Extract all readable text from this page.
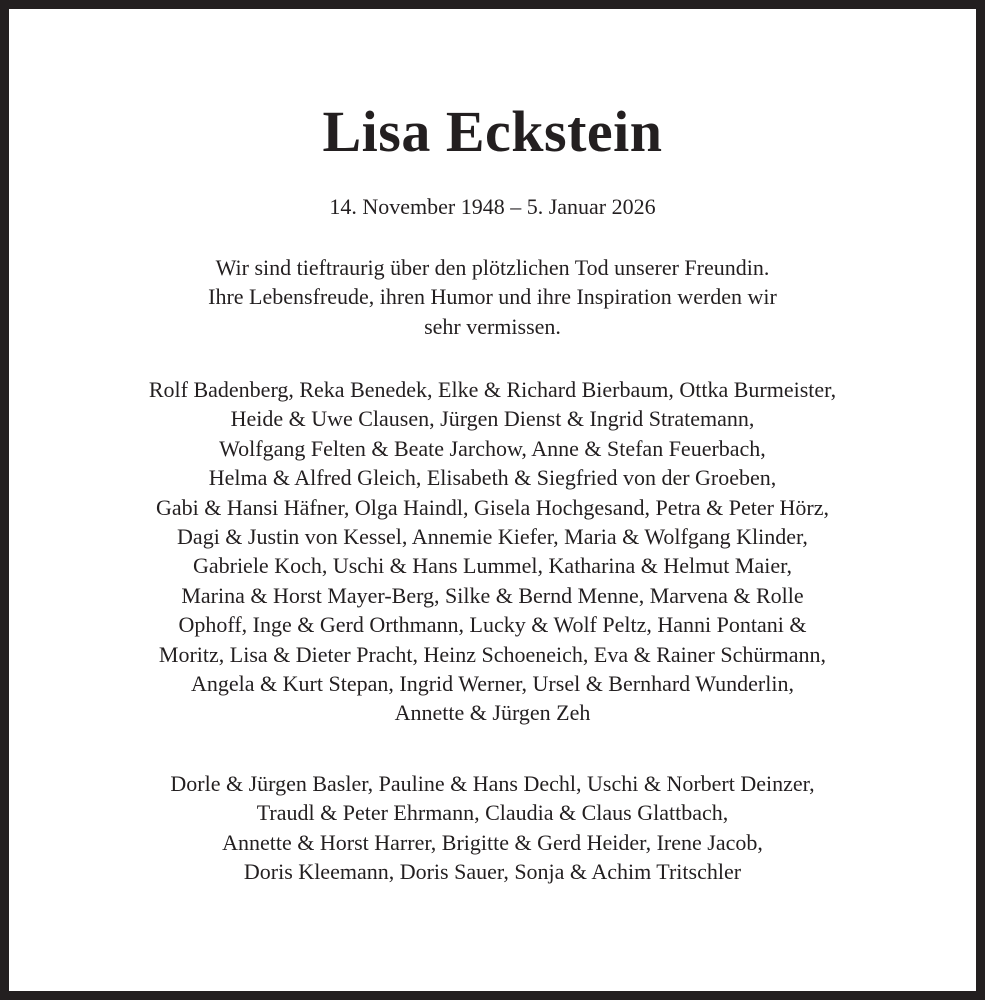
Lisa Eckstein
14. November 1948 – 5. Januar 2026
Wir sind tieftraurig über den plötzlichen Tod unserer Freundin.
Ihre Lebensfreude, ihren Humor und ihre Inspiration werden wir
sehr vermissen.
Rolf Badenberg, Reka Benedek, Elke & Richard Bierbaum, Ottka Burmeister,
Heide & Uwe Clausen, Jürgen Dienst & Ingrid Stratemann,
Wolfgang Felten & Beate Jarchow, Anne & Stefan Feuerbach,
Helma & Alfred Gleich, Elisabeth & Siegfried von der Groeben,
Gabi & Hansi Häfner, Olga Haindl, Gisela Hochgesand, Petra & Peter Hörz,
Dagi & Justin von Kessel, Annemie Kiefer, Maria & Wolfgang Klinder,
Gabriele Koch, Uschi & Hans Lummel, Katharina & Helmut Maier,
Marina & Horst Mayer-Berg, Silke & Bernd Menne, Marvena & Rolle
Ophoff, Inge & Gerd Orthmann, Lucky & Wolf Peltz, Hanni Pontani &
Moritz, Lisa & Dieter Pracht, Heinz Schoeneich, Eva & Rainer Schürmann,
Angela & Kurt Stepan, Ingrid Werner, Ursel & Bernhard Wunderlin,
Annette & Jürgen Zeh
Dorle & Jürgen Basler, Pauline & Hans Dechl, Uschi & Norbert Deinzer,
Traudl & Peter Ehrmann, Claudia & Claus Glattbach,
Annette & Horst Harrer, Brigitte & Gerd Heider, Irene Jacob,
Doris Kleemann, Doris Sauer, Sonja & Achim Tritschler
